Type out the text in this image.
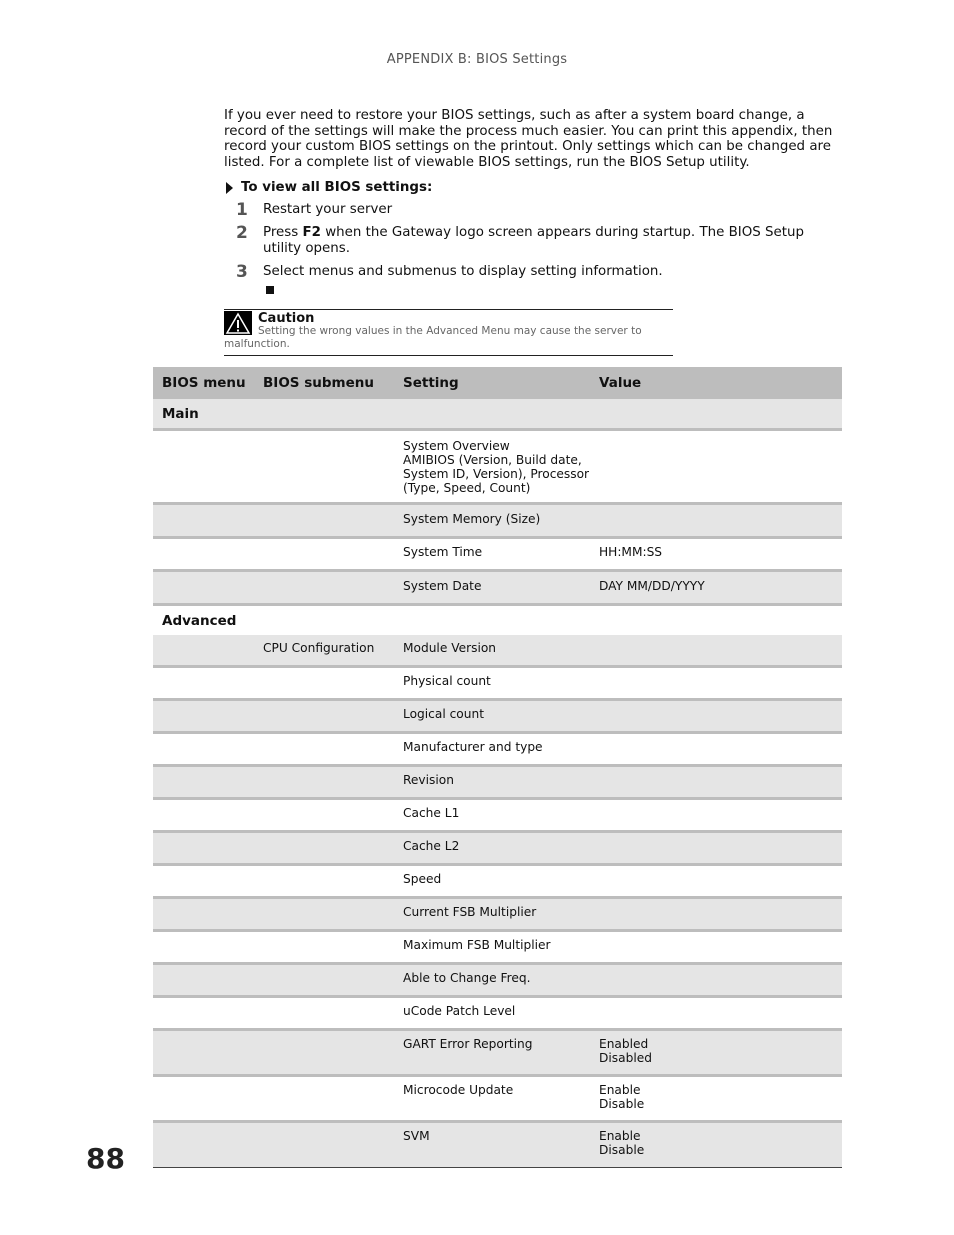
APPENDIX B: BIOS Settings
If you ever need to restore your BIOS settings, such as after a system board change, a record of the settings will make the process much easier. You can print this appendix, then record your custom BIOS settings on the printout. Only settings which can be changed are listed. For a complete list of viewable BIOS settings, run the BIOS Setup utility.
To view all BIOS settings:
1	Restart your server
2	Press F2 when the Gateway logo screen appears during startup. The BIOS Setup utility opens.
3	Select menus and submenus to display setting information.
Caution
Setting the wrong values in the Advanced Menu may cause the server to malfunction.
BIOS menu	BIOS submenu	Setting	Value
Main			
		System Overview
AMIBIOS (Version, Build date, System ID, Version), Processor (Type, Speed, Count)	
		System Memory (Size)	
		System Time	HH:MM:SS
		System Date	DAY MM/DD/YYYY
Advanced			
	CPU Configuration	Module Version	
		Physical count	
		Logical count	
		Manufacturer and type	
		Revision	
		Cache L1	
		Cache L2	
		Speed	
		Current FSB Multiplier	
		Maximum FSB Multiplier	
		Able to Change Freq.	
		uCode Patch Level	
		GART Error Reporting	Enabled
Disabled
		Microcode Update	Enable
Disable
		SVM	Enable
Disable
88
